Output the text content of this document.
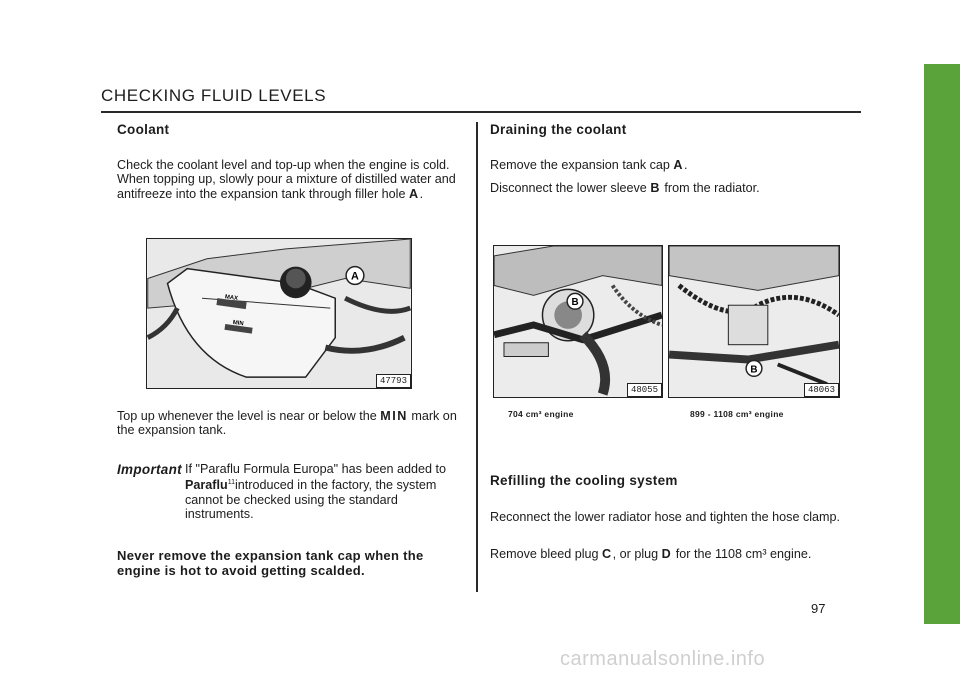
CHECKING FLUID LEVELS
Coolant

Check the coolant level and top-up when the engine is cold. When topping up, slowly pour a mixture of distilled water and antifreeze into the expansion tank through filler hole A.

A
MAX
MIN
47793

Top up whenever the level is near or below the MIN mark on the expansion tank.

Important If "Paraflu Formula Europa" has been added to Paraflu$^{11}$introduced in the factory, the system cannot be checked using the standard instruments.

Never remove the expansion tank cap when the engine is hot to avoid getting scalded.

Draining the coolant

Remove the expansion tank cap A.

Disconnect the lower sleeve B from the radiator.

B
48055
B
48063
704 cm³ engine	899 - 1108 cm³ engine
Refilling the cooling system

Reconnect the lower radiator hose and tighten the hose clamp.

Remove bleed plug C, or plug D for the 1108 cm³ engine.

97
carmanualsonline.info
